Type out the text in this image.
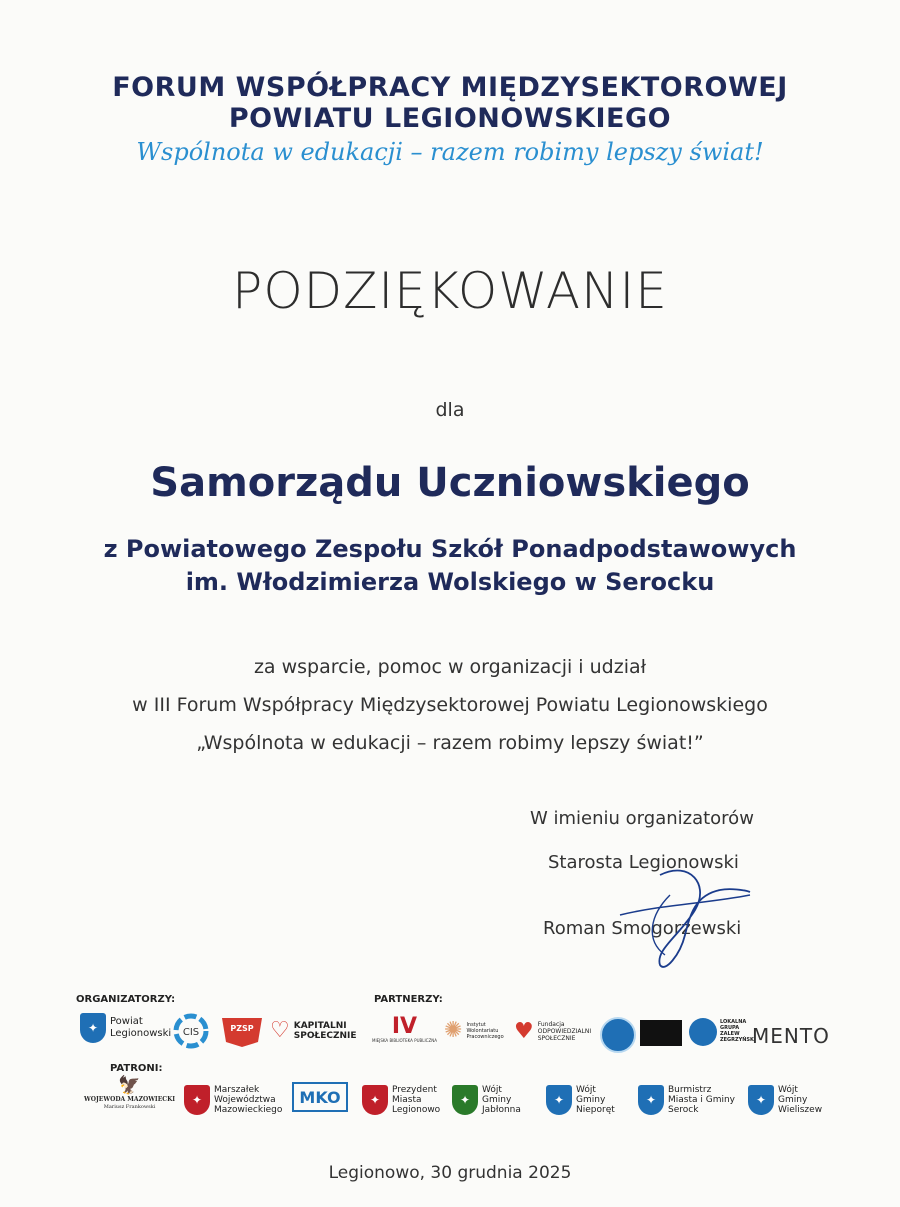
FORUM WSPÓŁPRACY MIĘDZYSEKTOROWEJ
POWIATU LEGIONOWSKIEGO
Wspólnota w edukacji – razem robimy lepszy świat!
PODZIĘKOWANIE
dla
Samorządu Uczniowskiego
z Powiatowego Zespołu Szkół Ponadpodstawowych
im. Włodzimierza Wolskiego w Serocku
za wsparcie, pomoc w organizacji i udział
w III Forum Współpracy Międzysektorowej Powiatu Legionowskiego
„Wspólnota w edukacji – razem robimy lepszy świat!”
W imieniu organizatorów
Starosta Legionowski
Roman Smogorzewski
ORGANIZATORZY:
✦	Powiat Legionowski CIS	PZSP ♡ KAPITALNI SPOŁECZNIE
PARTNERZY:
IV
MIEJSKA BIBLIOTEKA PUBLICZNA ✺ Instytut Wolontariatu Pracowniczego ♥ Fundacja ODPOWIEDZIALNI SPOŁECZNIE
LOKALNA GRUPA ZALEW ZEGRZYŃSKI
MENTO
PATRONI:
🦅
WOJEWODA MAZOWIECKI
Mariusz Frankowski	✦
Marszałek Województwa Mazowieckiego
MKO	✦
Prezydent Miasta Legionowo
✦
Wójt Gminy Jabłonna
✦
Wójt Gminy Nieporęt
✦
Burmistrz Miasta i Gminy Serock
✦
Wójt Gminy Wieliszew
Legionowo, 30 grudnia 2025
